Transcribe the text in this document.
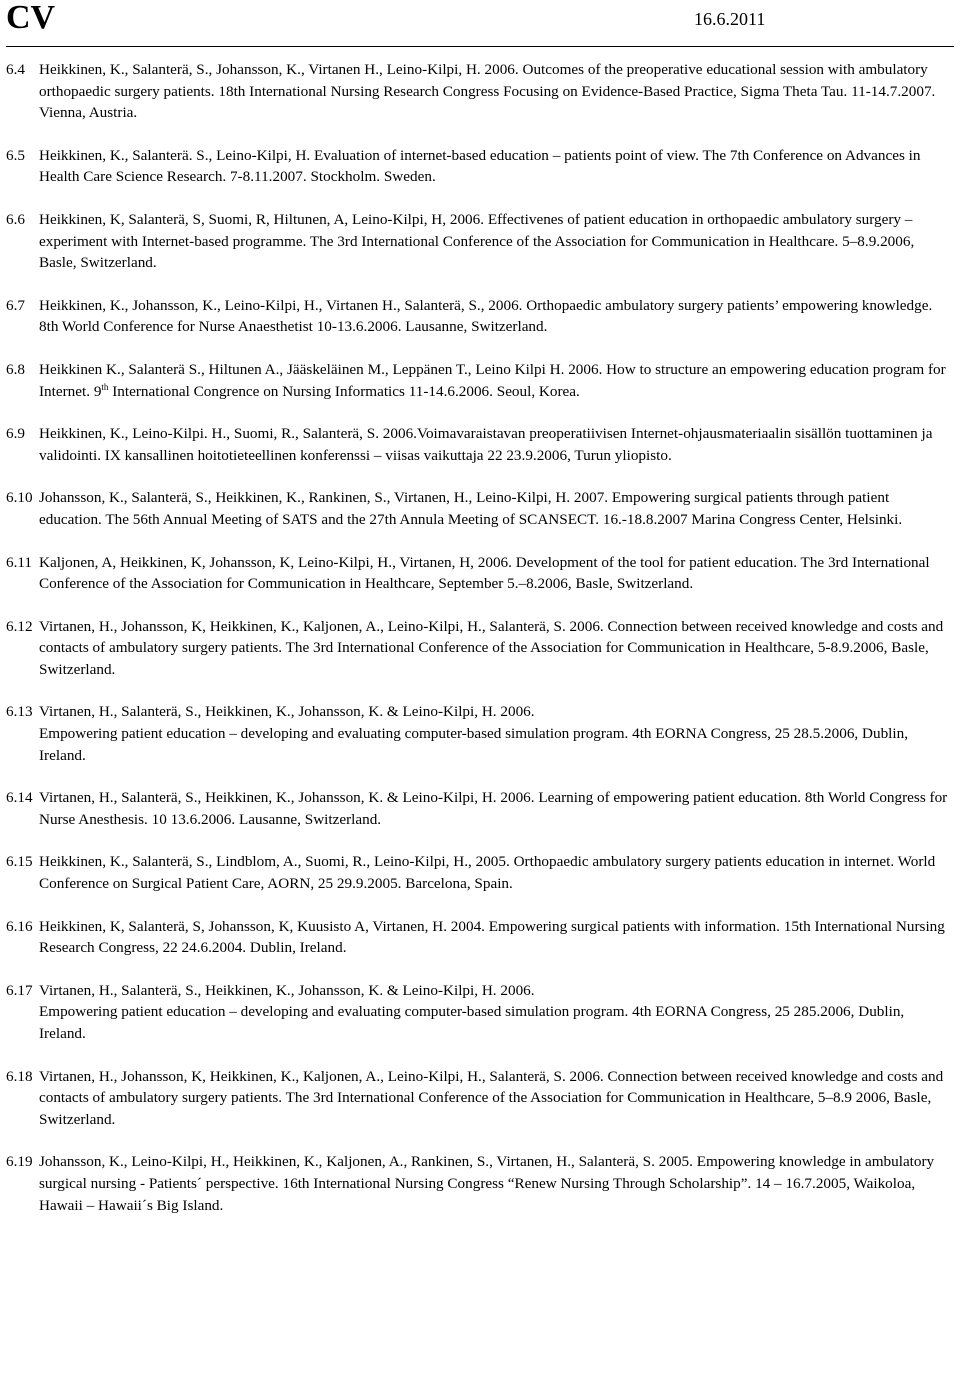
CV	16.6.2011
6.4 Heikkinen, K., Salanterä, S., Johansson, K., Virtanen H., Leino-Kilpi, H. 2006. Outcomes of the preoperative educational session with ambulatory orthopaedic surgery patients. 18th International Nursing Research Congress Focusing on Evidence-Based Practice, Sigma Theta Tau. 11-14.7.2007. Vienna, Austria.
6.5 Heikkinen, K., Salanterä. S., Leino-Kilpi, H. Evaluation of internet-based education – patients point of view. The 7th Conference on Advances in Health Care Science Research. 7-8.11.2007. Stockholm. Sweden.
6.6 Heikkinen, K, Salanterä, S, Suomi, R, Hiltunen, A, Leino-Kilpi, H, 2006. Effectivenes of patient education in orthopaedic ambulatory surgery – experiment with Internet-based programme. The 3rd International Conference of the Association for Communication in Healthcare. 5–8.9.2006, Basle, Switzerland.
6.7 Heikkinen, K., Johansson, K., Leino-Kilpi, H., Virtanen H., Salanterä, S., 2006. Orthopaedic ambulatory surgery patients’ empowering knowledge. 8th World Conference for Nurse Anaesthetist 10-13.6.2006. Lausanne, Switzerland.
6.8 Heikkinen K., Salanterä S., Hiltunen A., Jääskeläinen M., Leppänen T., Leino Kilpi H. 2006. How to structure an empowering education program for Internet. 9th International Congrence on Nursing Informatics 11-14.6.2006. Seoul, Korea.
6.9 Heikkinen, K., Leino-Kilpi. H., Suomi, R., Salanterä, S. 2006.Voimavaraistavan preoperatiivisen Internet-ohjausmateriaalin sisällön tuottaminen ja validointi. IX kansallinen hoitotieteellinen konferenssi – viisas vaikuttaja 22 23.9.2006, Turun yliopisto.
6.10 Johansson, K., Salanterä, S., Heikkinen, K., Rankinen, S., Virtanen, H., Leino-Kilpi, H. 2007. Empowering surgical patients through patient education. The 56th Annual Meeting of SATS and the 27th Annula Meeting of SCANSECT. 16.-18.8.2007 Marina Congress Center, Helsinki.
6.11 Kaljonen, A, Heikkinen, K, Johansson, K, Leino-Kilpi, H., Virtanen, H, 2006. Development of the tool for patient education. The 3rd International Conference of the Association for Communication in Healthcare, September 5.–8.2006, Basle, Switzerland.
6.12 Virtanen, H., Johansson, K, Heikkinen, K., Kaljonen, A., Leino-Kilpi, H., Salanterä, S. 2006. Connection between received knowledge and costs and contacts of ambulatory surgery patients. The 3rd International Conference of the Association for Communication in Healthcare, 5-8.9.2006, Basle, Switzerland.
6.13 Virtanen, H., Salanterä, S., Heikkinen, K., Johansson, K. & Leino-Kilpi, H. 2006.
Empowering patient education – developing and evaluating computer-based simulation program. 4th EORNA Congress, 25 28.5.2006, Dublin, Ireland.
6.14 Virtanen, H., Salanterä, S., Heikkinen, K., Johansson, K. & Leino-Kilpi, H. 2006. Learning of empowering patient education. 8th World Congress for Nurse Anesthesis. 10 13.6.2006. Lausanne, Switzerland.
6.15 Heikkinen, K., Salanterä, S., Lindblom, A., Suomi, R., Leino-Kilpi, H., 2005. Orthopaedic ambulatory surgery patients education in internet. World Conference on Surgical Patient Care, AORN, 25 29.9.2005. Barcelona, Spain.
6.16 Heikkinen, K, Salanterä, S, Johansson, K, Kuusisto A, Virtanen, H. 2004. Empowering surgical patients with information. 15th International Nursing Research Congress, 22 24.6.2004. Dublin, Ireland.
6.17 Virtanen, H., Salanterä, S., Heikkinen, K., Johansson, K. & Leino-Kilpi, H. 2006.
Empowering patient education – developing and evaluating computer-based simulation program. 4th EORNA Congress, 25 285.2006, Dublin, Ireland.
6.18 Virtanen, H., Johansson, K, Heikkinen, K., Kaljonen, A., Leino-Kilpi, H., Salanterä, S. 2006. Connection between received knowledge and costs and contacts of ambulatory surgery patients. The 3rd International Conference of the Association for Communication in Healthcare, 5–8.9 2006, Basle, Switzerland.
6.19 Johansson, K., Leino-Kilpi, H., Heikkinen, K., Kaljonen, A., Rankinen, S., Virtanen, H., Salanterä, S. 2005. Empowering knowledge in ambulatory surgical nursing - Patients´ perspective. 16th International Nursing Congress “Renew Nursing Through Scholarship”. 14 – 16.7.2005, Waikoloa, Hawaii – Hawaii´s Big Island.
